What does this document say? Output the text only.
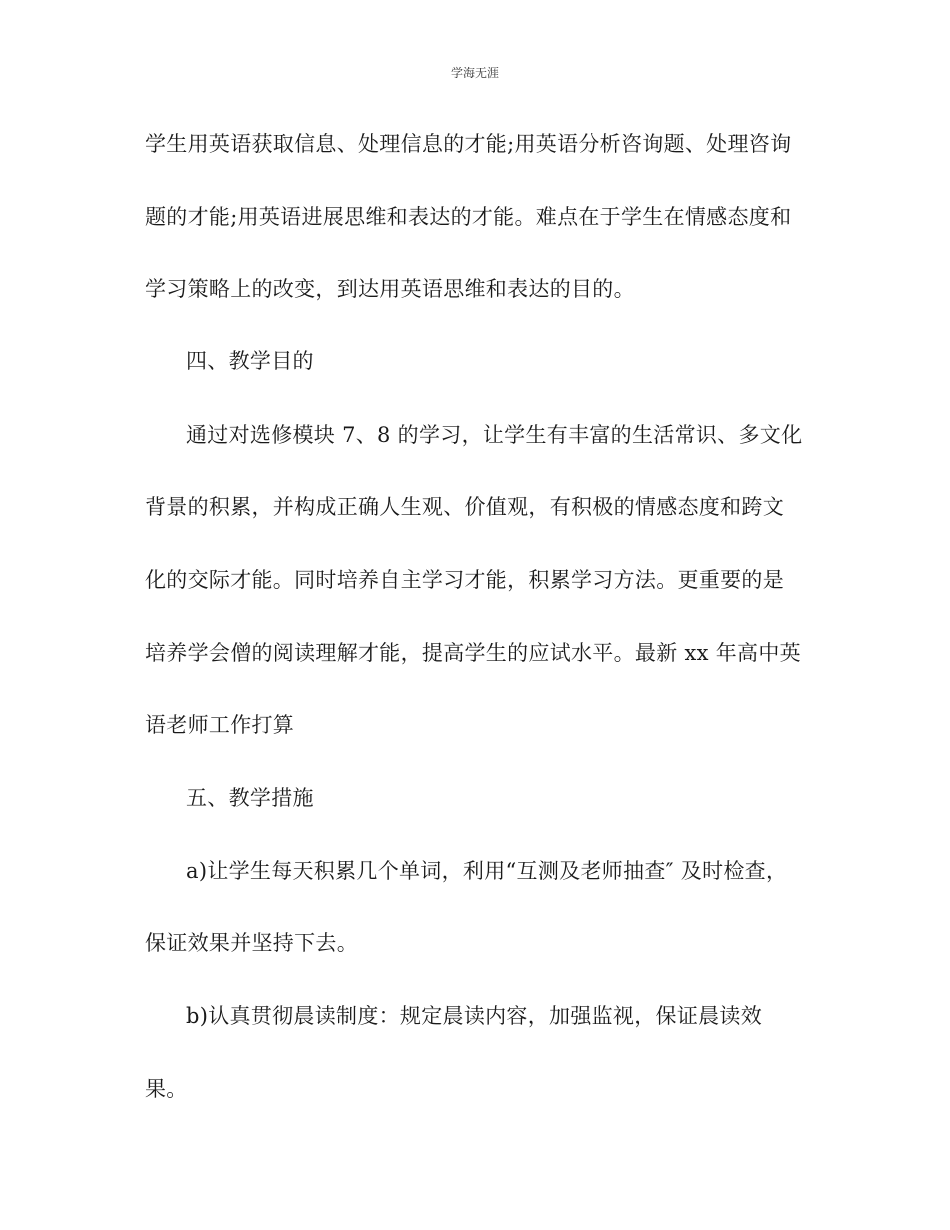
学海无涯
学生用英语获取信息、处理信息的才能;用英语分析咨询题、处理咨询
题的才能;用英语进展思维和表达的才能。难点在于学生在情感态度和
学习策略上的改变，到达用英语思维和表达的目的。
四、教学目的
通过对选修模块 7、8 的学习，让学生有丰富的生活常识、多文化
背景的积累，并构成正确人生观、价值观，有积极的情感态度和跨文
化的交际才能。同时培养自主学习才能，积累学习方法。更重要的是
培养学会僧的阅读理解才能，提高学生的应试水平。最新 xx 年高中英
语老师工作打算
五、教学措施
a)让学生每天积累几个单词，利用“互测及老师抽查″ 及时检查，
保证效果并坚持下去。
b)认真贯彻晨读制度：规定晨读内容，加强监视，保证晨读效
果。
